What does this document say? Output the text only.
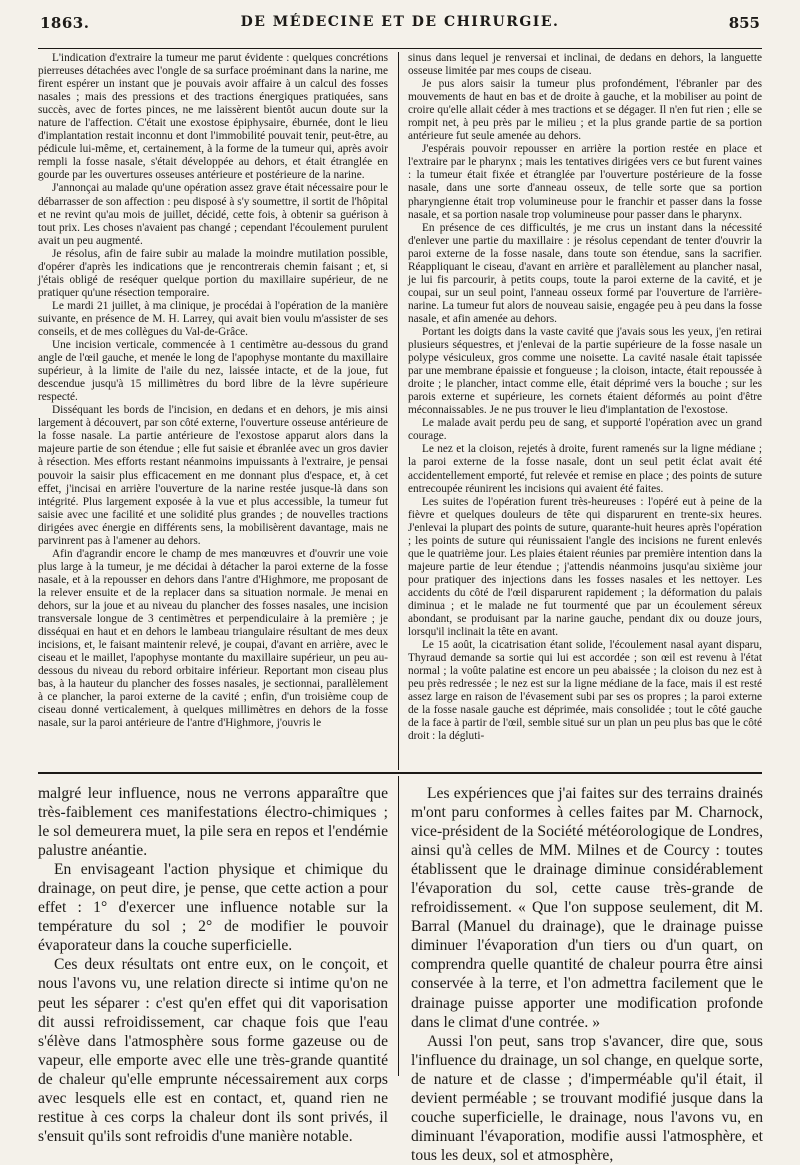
1863.	DE MÉDECINE ET DE CHIRURGIE.	855

L'indication d'extraire la tumeur me parut évidente : quelques concrétions pierreuses détachées avec l'ongle de sa surface proéminant dans la narine, me firent espérer un instant que je pouvais avoir affaire à un calcul des fosses nasales ; mais des pressions et des tractions énergiques pratiquées, sans succès, avec de fortes pinces, ne me laissèrent bientôt aucun doute sur la nature de l'affection. C'était une exostose épiphysaire, éburnée, dont le lieu d'implantation restait inconnu et dont l'immobilité pouvait tenir, peut-être, au pédicule lui-même, et, certainement, à la forme de la tumeur qui, après avoir rempli la fosse nasale, s'était développée au dehors, et était étranglée en gourde par les ouvertures osseuses antérieure et postérieure de la narine.

J'annonçai au malade qu'une opération assez grave était nécessaire pour le débarrasser de son affection : peu disposé à s'y soumettre, il sortit de l'hôpital et ne revint qu'au mois de juillet, décidé, cette fois, à obtenir sa guérison à tout prix. Les choses n'avaient pas changé ; cependant l'écoulement purulent avait un peu augmenté.

Je résolus, afin de faire subir au malade la moindre mutilation possible, d'opérer d'après les indications que je rencontrerais chemin faisant ; et, si j'étais obligé de reséquer quelque portion du maxillaire supérieur, de ne pratiquer qu'une résection temporaire.

Le mardi 21 juillet, à ma clinique, je procédai à l'opération de la manière suivante, en présence de M. H. Larrey, qui avait bien voulu m'assister de ses conseils, et de mes collègues du Val-de-Grâce.

Une incision verticale, commencée à 1 centimètre au-dessous du grand angle de l'œil gauche, et menée le long de l'apophyse montante du maxillaire supérieur, à la limite de l'aile du nez, laissée intacte, et de la joue, fut descendue jusqu'à 15 millimètres du bord libre de la lèvre supérieure respecté.

Disséquant les bords de l'incision, en dedans et en dehors, je mis ainsi largement à découvert, par son côté externe, l'ouverture osseuse antérieure de la fosse nasale. La partie antérieure de l'exostose apparut alors dans la majeure partie de son étendue ; elle fut saisie et ébranlée avec un gros davier à résection. Mes efforts restant néanmoins impuissants à l'extraire, je pensai pouvoir la saisir plus efficacement en me donnant plus d'espace, et, à cet effet, j'incisai en arrière l'ouverture de la narine restée jusque-là dans son intégrité. Plus largement exposée à la vue et plus accessible, la tumeur fut saisie avec une facilité et une solidité plus grandes ; de nouvelles tractions dirigées avec énergie en différents sens, la mobilisèrent davantage, mais ne parvinrent pas à l'amener au dehors.

Afin d'agrandir encore le champ de mes manœuvres et d'ouvrir une voie plus large à la tumeur, je me décidai à détacher la paroi externe de la fosse nasale, et à la repousser en dehors dans l'antre d'Highmore, me proposant de la relever ensuite et de la replacer dans sa situation normale. Je menai en dehors, sur la joue et au niveau du plancher des fosses nasales, une incision transversale longue de 3 centimètres et perpendiculaire à la première ; je disséquai en haut et en dehors le lambeau triangulaire résultant de mes deux incisions, et, le faisant maintenir relevé, je coupai, d'avant en arrière, avec le ciseau et le maillet, l'apophyse montante du maxillaire supérieur, un peu au-dessous du niveau du rebord orbitaire inférieur. Reportant mon ciseau plus bas, à la hauteur du plancher des fosses nasales, je sectionnai, parallèlement à ce plancher, la paroi externe de la cavité ; enfin, d'un troisième coup de ciseau donné verticalement, à quelques millimètres en dehors de la fosse nasale, sur la paroi antérieure de l'antre d'Highmore, j'ouvris le

sinus dans lequel je renversai et inclinai, de dedans en dehors, la languette osseuse limitée par mes coups de ciseau.

Je pus alors saisir la tumeur plus profondément, l'ébranler par des mouvements de haut en bas et de droite à gauche, et la mobiliser au point de croire qu'elle allait céder à mes tractions et se dégager. Il n'en fut rien ; elle se rompit net, à peu près par le milieu ; et la plus grande partie de sa portion antérieure fut seule amenée au dehors.

J'espérais pouvoir repousser en arrière la portion restée en place et l'extraire par le pharynx ; mais les tentatives dirigées vers ce but furent vaines : la tumeur était fixée et étranglée par l'ouverture postérieure de la fosse nasale, dans une sorte d'anneau osseux, de telle sorte que sa portion pharyngienne était trop volumineuse pour le franchir et passer dans la fosse nasale, et sa portion nasale trop volumineuse pour passer dans le pharynx.

En présence de ces difficultés, je me crus un instant dans la nécessité d'enlever une partie du maxillaire : je résolus cependant de tenter d'ouvrir la paroi externe de la fosse nasale, dans toute son étendue, sans la sacrifier. Réappliquant le ciseau, d'avant en arrière et parallèlement au plancher nasal, je lui fis parcourir, à petits coups, toute la paroi externe de la cavité, et je coupai, sur un seul point, l'anneau osseux formé par l'ouverture de l'arrière-narine. La tumeur fut alors de nouveau saisie, engagée peu à peu dans la fosse nasale, et afin amenée au dehors.

Portant les doigts dans la vaste cavité que j'avais sous les yeux, j'en retirai plusieurs séquestres, et j'enlevai de la partie supérieure de la fosse nasale un polype vésiculeux, gros comme une noisette. La cavité nasale était tapissée par une membrane épaissie et fongueuse ; la cloison, intacte, était repoussée à droite ; le plancher, intact comme elle, était déprimé vers la bouche ; sur les parois externe et supérieure, les cornets étaient déformés au point d'être méconnaissables. Je ne pus trouver le lieu d'implantation de l'exostose.

Le malade avait perdu peu de sang, et supporté l'opération avec un grand courage.

Le nez et la cloison, rejetés à droite, furent ramenés sur la ligne médiane ; la paroi externe de la fosse nasale, dont un seul petit éclat avait été accidentellement emporté, fut relevée et remise en place ; des points de suture entrecoupée réunirent les incisions qui avaient été faites.

Les suites de l'opération furent très-heureuses : l'opéré eut à peine de la fièvre et quelques douleurs de tête qui disparurent en trente-six heures. J'enlevai la plupart des points de suture, quarante-huit heures après l'opération ; les points de suture qui réunissaient l'angle des incisions ne furent enlevés que le quatrième jour. Les plaies étaient réunies par première intention dans la majeure partie de leur étendue ; j'attendis néanmoins jusqu'au sixième jour pour pratiquer des injections dans les fosses nasales et les nettoyer. Les accidents du côté de l'œil disparurent rapidement ; la déformation du palais diminua ; et le malade ne fut tourmenté que par un écoulement séreux abondant, se produisant par la narine gauche, pendant dix ou douze jours, lorsqu'il inclinait la tête en avant.

Le 15 août, la cicatrisation étant solide, l'écoulement nasal ayant disparu, Thyraud demande sa sortie qui lui est accordée ; son œil est revenu à l'état normal ; la voûte palatine est encore un peu abaissée ; la cloison du nez est à peu près redressée ; le nez est sur la ligne médiane de la face, mais il est resté assez large en raison de l'évasement subi par ses os propres ; la paroi externe de la fosse nasale gauche est déprimée, mais consolidée ; tout le côté gauche de la face à partir de l'œil, semble situé sur un plan un peu plus bas que le côté droit : la dégluti-

malgré leur influence, nous ne verrons apparaître que très-faiblement ces manifestations électro-chimiques ; le sol demeurera muet, la pile sera en repos et l'endémie palustre anéantie.

En envisageant l'action physique et chimique du drainage, on peut dire, je pense, que cette action a pour effet : 1° d'exercer une influence notable sur la température du sol ; 2° de modifier le pouvoir évaporateur dans la couche superficielle.

Ces deux résultats ont entre eux, on le conçoit, et nous l'avons vu, une relation directe si intime qu'on ne peut les séparer : c'est qu'en effet qui dit vaporisation dit aussi refroidissement, car chaque fois que l'eau s'élève dans l'atmosphère sous forme gazeuse ou de vapeur, elle emporte avec elle une très-grande quantité de chaleur qu'elle emprunte nécessairement aux corps avec lesquels elle est en contact, et, quand rien ne restitue à ces corps la chaleur dont ils sont privés, il s'ensuit qu'ils sont refroidis d'une manière notable.

Les expériences que j'ai faites sur des terrains drainés m'ont paru conformes à celles faites par M. Charnock, vice-président de la Société météorologique de Londres, ainsi qu'à celles de MM. Milnes et de Courcy : toutes établissent que le drainage diminue considérablement l'évaporation du sol, cette cause très-grande de refroidissement. « Que l'on suppose seulement, dit M. Barral (Manuel du drainage), que le drainage puisse diminuer l'évaporation d'un tiers ou d'un quart, on comprendra quelle quantité de chaleur pourra être ainsi conservée à la terre, et l'on admettra facilement que le drainage puisse apporter une modification profonde dans le climat d'une contrée. »

Aussi l'on peut, sans trop s'avancer, dire que, sous l'influence du drainage, un sol change, en quelque sorte, de nature et de classe ; d'imperméable qu'il était, il devient perméable ; se trouvant modifié jusque dans la couche superficielle, le drainage, nous l'avons vu, en diminuant l'évaporation, modifie aussi l'atmosphère, et tous les deux, sol et atmosphère,
